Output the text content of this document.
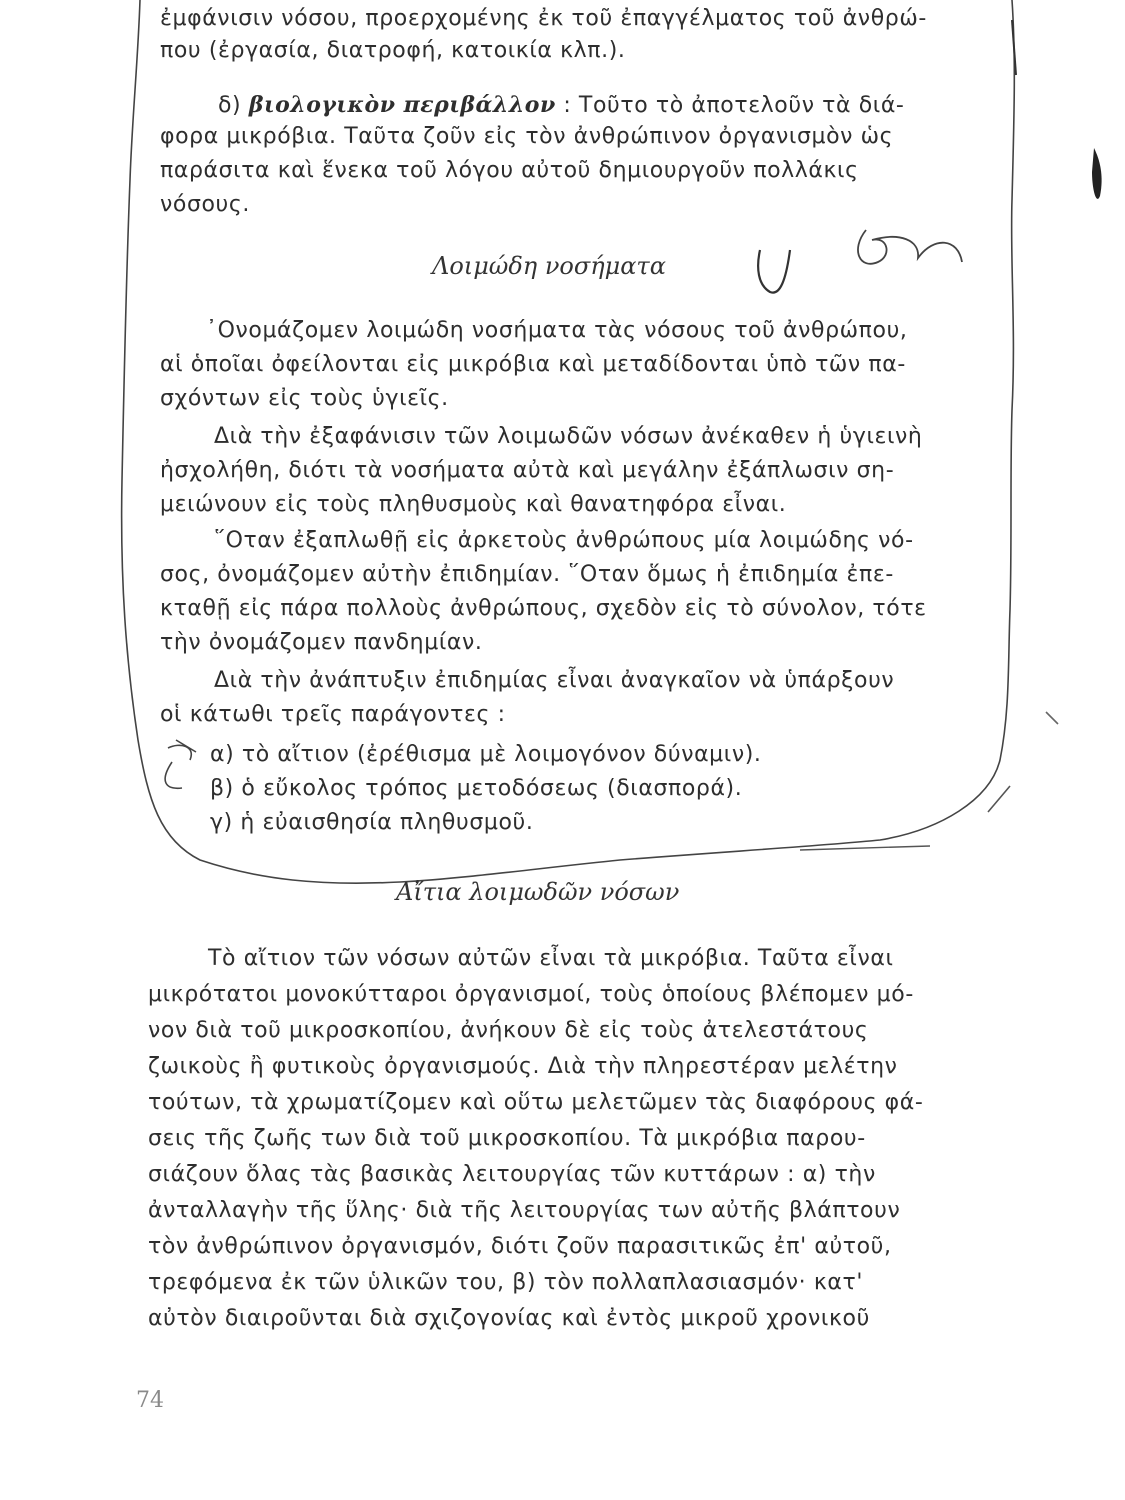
ἐμφάνισιν νόσου, προερχομένης ἐκ τοῦ ἐπαγγέλματος τοῦ ἀνθρώ-
που (ἐργασία, διατροφή, κατοικία κλπ.).
δ) βιολογικὸν περιβάλλον : Τοῦτο τὸ ἀποτελοῦν τὰ διά-
φορα μικρόβια. Ταῦτα ζοῦν εἰς τὸν ἀνθρώπινον ὀργανισμὸν ὡς
παράσιτα καὶ ἕνεκα τοῦ λόγου αὐτοῦ δημιουργοῦν πολλάκις
νόσους.
Λοιμώδη νοσήματα
᾿Ονομάζομεν λοιμώδη νοσήματα τὰς νόσους τοῦ ἀνθρώπου,
αἱ ὁποῖαι ὀφείλονται εἰς μικρόβια καὶ μεταδίδονται ὑπὸ τῶν πα-
σχόντων εἰς τοὺς ὑγιεῖς.
Διὰ τὴν ἐξαφάνισιν τῶν λοιμωδῶν νόσων ἀνέκαθεν ἡ ὑγιεινὴ
ἠσχολήθη, διότι τὰ νοσήματα αὐτὰ καὶ μεγάλην ἐξάπλωσιν ση-
μειώνουν εἰς τοὺς πληθυσμοὺς καὶ θανατηφόρα εἶναι.
῞Οταν ἐξαπλωθῇ εἰς ἀρκετοὺς ἀνθρώπους μία λοιμώδης νό-
σος, ὀνομάζομεν αὐτὴν ἐπιδημίαν. ῞Οταν ὅμως ἡ ἐπιδημία ἐπε-
κταθῇ εἰς πάρα πολλοὺς ἀνθρώπους, σχεδὸν εἰς τὸ σύνολον, τότε
τὴν ὀνομάζομεν πανδημίαν.
Διὰ τὴν ἀνάπτυξιν ἐπιδημίας εἶναι ἀναγκαῖον νὰ ὑπάρξουν
οἱ κάτωθι τρεῖς παράγοντες :
α) τὸ αἴτιον (ἐρέθισμα μὲ λοιμογόνον δύναμιν).
β) ὁ εὔκολος τρόπος μετοδόσεως (διασπορά).
γ) ἡ εὐαισθησία πληθυσμοῦ.
Αἴτια λοιμωδῶν νόσων
Τὸ αἴτιον τῶν νόσων αὐτῶν εἶναι τὰ μικρόβια. Ταῦτα εἶναι
μικρότατοι μονοκύτταροι ὀργανισμοί, τοὺς ὁποίους βλέπομεν μό-
νον διὰ τοῦ μικροσκοπίου, ἀνήκουν δὲ εἰς τοὺς ἀτελεστάτους
ζωικοὺς ἢ φυτικοὺς ὀργανισμούς. Διὰ τὴν πληρεστέραν μελέτην
τούτων, τὰ χρωματίζομεν καὶ οὕτω μελετῶμεν τὰς διαφόρους φά-
σεις τῆς ζωῆς των διὰ τοῦ μικροσκοπίου. Τὰ μικρόβια παρου-
σιάζουν ὅλας τὰς βασικὰς λειτουργίας τῶν κυττάρων : α) τὴν
ἀνταλλαγὴν τῆς ὕλης· διὰ τῆς λειτουργίας των αὐτῆς βλάπτουν
τὸν ἀνθρώπινον ὀργανισμόν, διότι ζοῦν παρασιτικῶς ἐπ' αὐτοῦ,
τρεφόμενα ἐκ τῶν ὑλικῶν του, β) τὸν πολλαπλασιασμόν· κατ'
αὐτὸν διαιροῦνται διὰ σχιζογονίας καὶ ἐντὸς μικροῦ χρονικοῦ
74
